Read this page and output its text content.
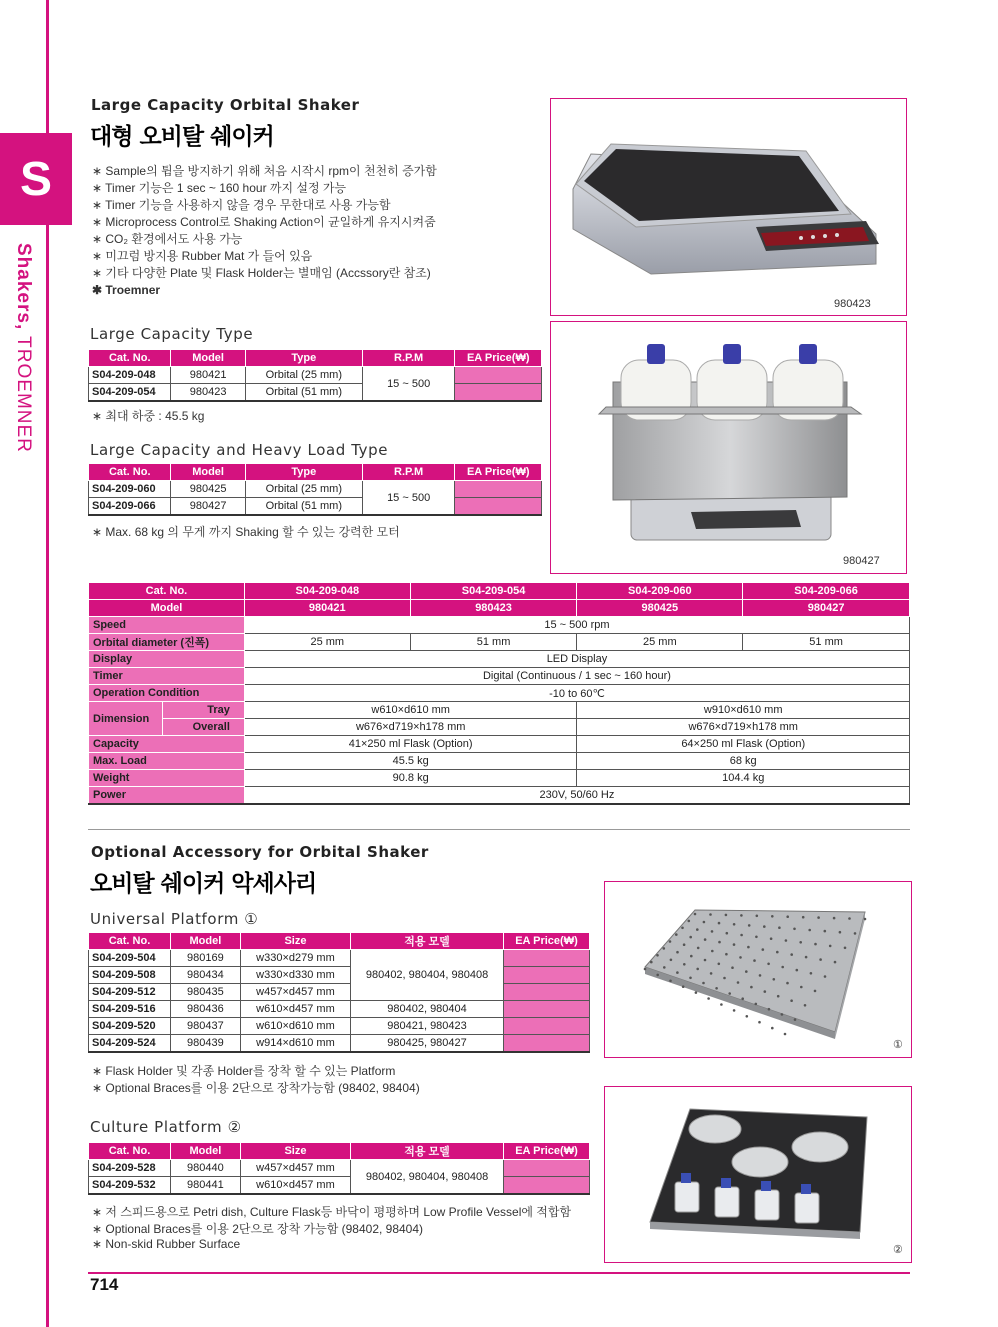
S
Shakers, TROEMNER
Large Capacity Orbital Shaker
대형 오비탈 쉐이커
∗ Sample의 튐을 방지하기 위해 처음 시작시 rpm이 천천히 증가함
∗ Timer 기능은 1 sec ~ 160 hour 까지 설정 가능
∗ Timer 기능을 사용하지 않을 경우 무한대로 사용 가능함
∗ Microprocess Control로 Shaking Action이 균일하게 유지시켜줌
∗ CO₂ 환경에서도 사용 가능
∗ 미끄럼 방지용 Rubber Mat 가 들어 있음
∗ 기타 다양한 Plate 및 Flask Holder는 별매임 (Accssory란 참조)
✱ Troemner
Large Capacity Type
Cat. No.	Model	Type	R.P.M	EA Price(₩)
S04-209-048	980421	Orbital (25 mm)	15 ~ 500	
S04-209-054	980423	Orbital (51 mm)		
∗ 최대 하중 : 45.5 kg
Large Capacity and Heavy Load Type
Cat. No.	Model	Type	R.P.M	EA Price(₩)
S04-209-060	980425	Orbital (25 mm)	15 ~ 500	
S04-209-066	980427	Orbital (51 mm)		
∗ Max. 68 kg 의 무게 까지 Shaking 할 수 있는 강력한 모터
980423
980427
Cat. No.		S04-209-048	S04-209-054	S04-209-060	S04-209-066
Model		980421	980423	980425	980427
Speed		15 ~ 500 rpm			
Orbital diameter (진폭)		25 mm	51 mm	25 mm	51 mm
Display		LED Display			
Timer		Digital (Continuous / 1 sec ~ 160 hour)			
Operation Condition		-10 to 60℃			
Dimension	Tray	w610×d610 mm		w910×d610 mm	
	Overall	w676×d719×h178 mm		w676×d719×h178 mm	
Capacity		41×250 ml Flask (Option)		64×250 ml Flask (Option)	
Max. Load		45.5 kg		68 kg	
Weight		90.8 kg		104.4 kg	
Power		230V, 50/60 Hz			
Optional Accessory for Orbital Shaker
오비탈 쉐이커 악세사리
Universal Platform ①
Cat. No.	Model	Size	적용 모델	EA Price(₩)
S04-209-504	980169	w330×d279 mm	980402, 980404, 980408	
S04-209-508	980434	w330×d330 mm		
S04-209-512	980435	w457×d457 mm		
S04-209-516	980436	w610×d457 mm	980402, 980404	
S04-209-520	980437	w610×d610 mm	980421, 980423	
S04-209-524	980439	w914×d610 mm	980425, 980427	
∗ Flask Holder 및 각종 Holder를 장착 할 수 있는 Platform
∗ Optional Braces를 이용 2단으로 장착가능함 (98402, 98404)
Culture Platform ②
Cat. No.	Model	Size	적용 모델	EA Price(₩)
S04-209-528	980440	w457×d457 mm	980402, 980404, 980408	
S04-209-532	980441	w610×d457 mm		
∗ 저 스피드용으로 Petri dish, Culture Flask등 바닥이 평평하며 Low Profile Vessel에 적합함
∗ Optional Braces를 이용 2단으로 장착 가능함 (98402, 98404)
∗ Non-skid Rubber Surface
①
②
714
